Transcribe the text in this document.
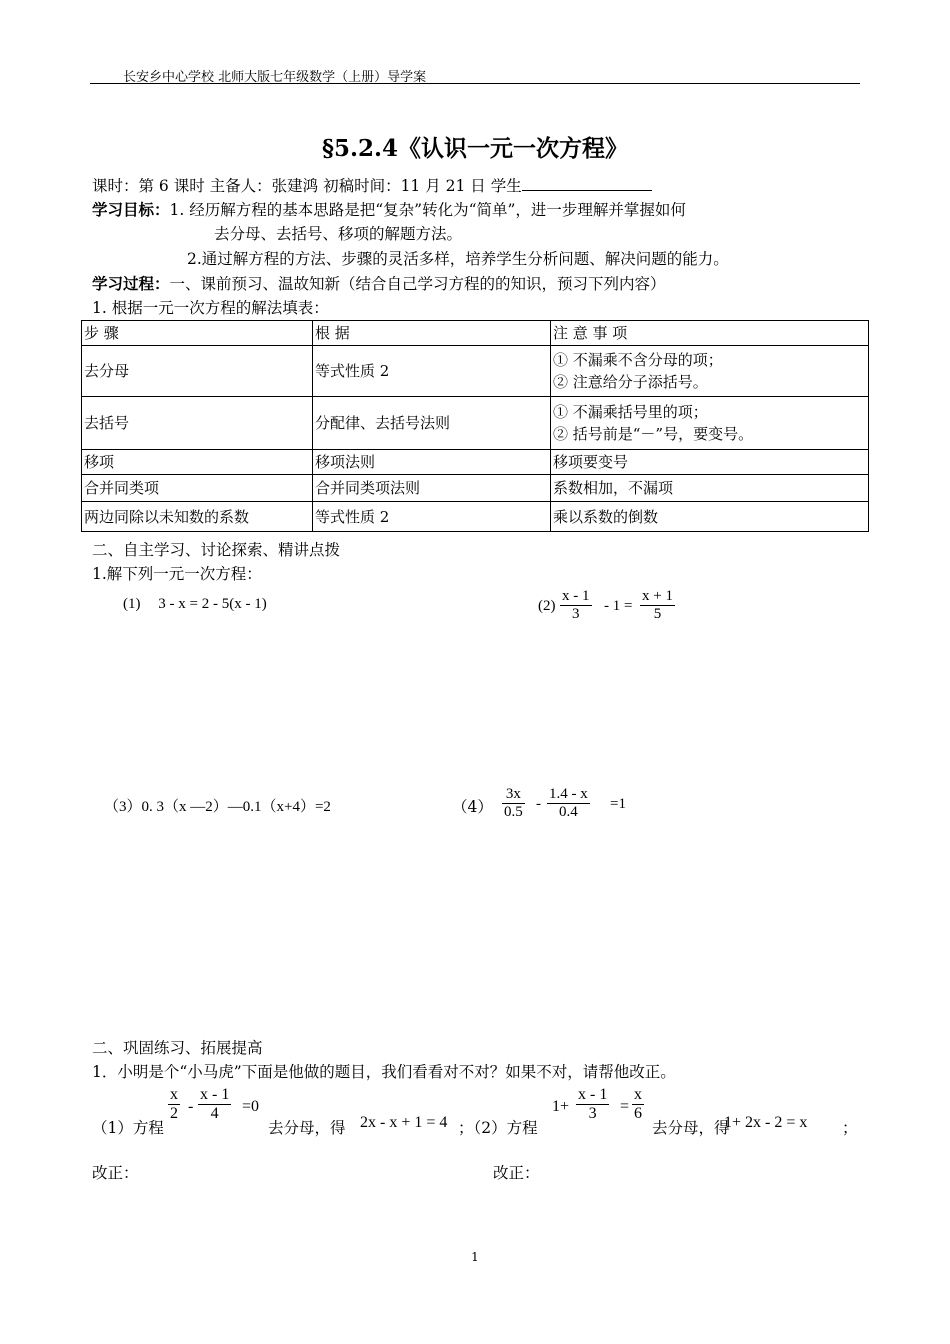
长安乡中心学校 北师大版七年级数学（上册）导学案
§5.2.4《认识一元一次方程》
课时：第 6 课时 主备人：张建鸿 初稿时间：11 月 21 日 学生
学习目标：1. 经历解方程的基本思路是把“复杂”转化为“简单”，进一步理解并掌握如何
去分母、去括号、移项的解题方法。
2.通过解方程的方法、步骤的灵活多样，培养学生分析问题、解决问题的能力。
学习过程：一、课前预习、温故知新（结合自己学习方程的的知识，预习下列内容）
1. 根据一元一次方程的解法填表：
步 骤	根 据	注 意 事 项
去分母	等式性质 2	① 不漏乘不含分母的项；
② 注意给分子添括号。

去括号	分配律、去括号法则	① 不漏乘括号里的项；
② 括号前是“－”号，要变号。

移项	移项法则	移项要变号
合并同类项	合并同类项法则	系数相加，不漏项
两边同除以未知数的系数	等式性质 2	乘以系数的倒数
二、自主学习、讨论探索、精讲点拨
1.解下列一元一次方程：
(1) 3 - x = 2 - 5(x - 1)	(2)
x - 1
3	- 1 =
x + 1
5
（3）0. 3（x —2）—0.1（x+4）=2	（4）
3x
0.5 -
1.4 - x
0.4	=1
二、巩固练习、拓展提高
1．小明是个“小马虎”下面是他做的题目，我们看看对不对？如果不对，请帮他改正。
（1）方程
x
2 -
x - 1
4	=0
去分母，得 2x - x + 1 = 4 ；（2）方程
1+
x - 1
3	=
x
6
去分母，得
1+ 2x - 2 = x ；
改正：	改正：
1
